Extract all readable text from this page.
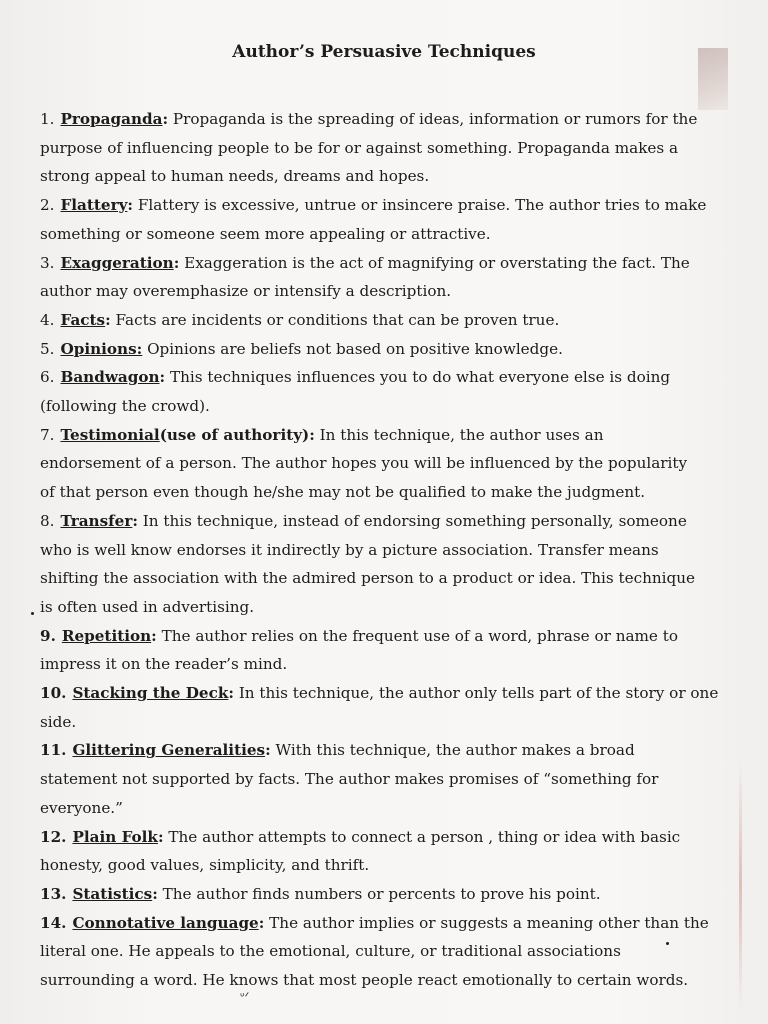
Author’s Persuasive Techniques
1. Propaganda: Propaganda is the spreading of ideas, information or rumors for the
purpose of influencing people to be for or against something. Propaganda makes a
strong appeal to human needs, dreams and hopes.
2. Flattery: Flattery is excessive, untrue or insincere praise. The author tries to make
something or someone seem more appealing or attractive.
3. Exaggeration: Exaggeration is the act of magnifying or overstating the fact. The
author may overemphasize or intensify a description.
4. Facts: Facts are incidents or conditions that can be proven true.
5. Opinions: Opinions are beliefs not based on positive knowledge.
6. Bandwagon: This techniques influences you to do what everyone else is doing
(following the crowd).
7. Testimonial(use of authority): In this technique, the author uses an
endorsement of a person. The author hopes you will be influenced by the popularity
of that person even though he/she may not be qualified to make the judgment.
8. Transfer: In this technique, instead of endorsing something personally, someone
who is well know endorses it indirectly by a picture association. Transfer means
shifting the association with the admired person to a product or idea. This technique
is often used in advertising.
9. Repetition: The author relies on the frequent use of a word, phrase or name to
impress it on the reader’s mind.
10. Stacking the Deck: In this technique, the author only tells part of the story or one
side.
11. Glittering Generalities: With this technique, the author makes a broad
statement not supported by facts. The author makes promises of “something for
everyone.”
12. Plain Folk: The author attempts to connect a person , thing or idea with basic
honesty, good values, simplicity, and thrift.
13. Statistics: The author finds numbers or percents to prove his point.
14. Connotative language: The author implies or suggests a meaning other than the
literal one. He appeals to the emotional, culture, or traditional associations
surrounding a word. He knows that most people react emotionally to certain words.
ᐡᐟ
